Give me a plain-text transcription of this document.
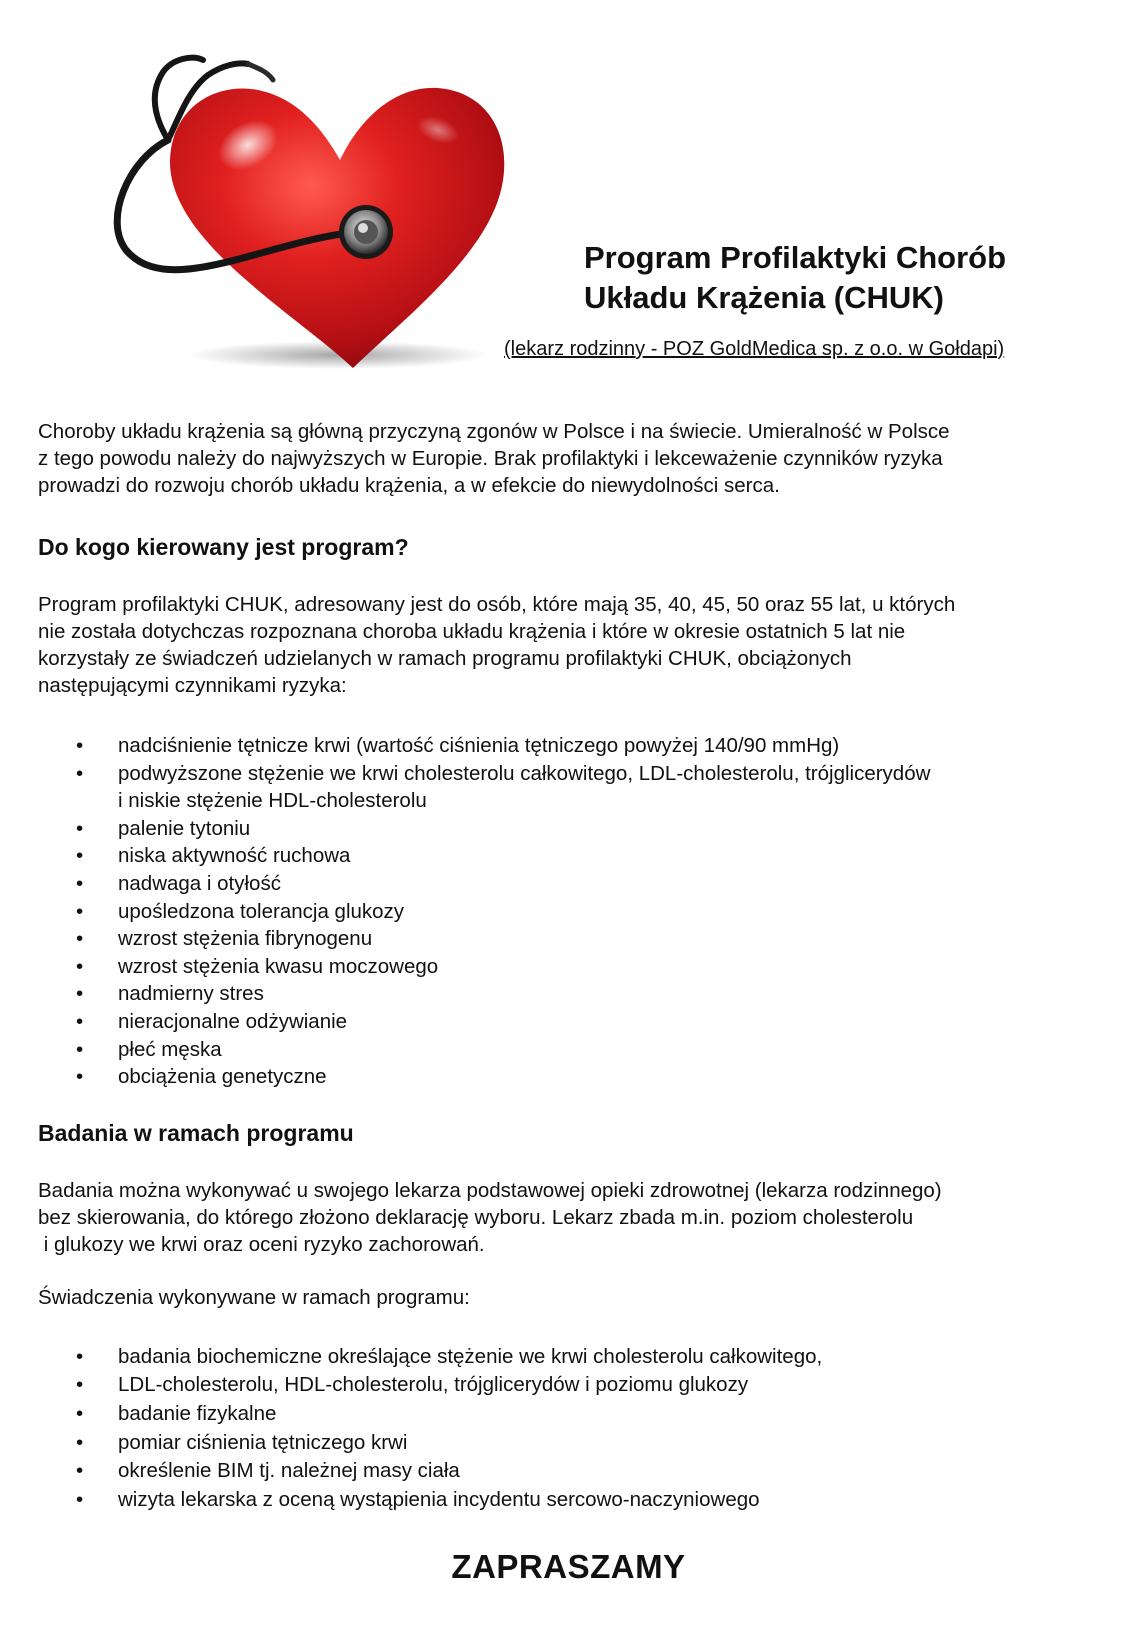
Program Profilaktyki Chorób
Układu Krążenia (CHUK)
(lekarz rodzinny - POZ GoldMedica sp. z o.o. w Gołdapi)

Choroby układu krążenia są główną przyczyną zgonów w Polsce i na świecie. Umieralność w Polsce
z tego powodu należy do najwyższych w Europie. Brak profilaktyki i lekceważenie czynników ryzyka
prowadzi do rozwoju chorób układu krążenia, a w efekcie do niewydolności serca.

Do kogo kierowany jest program?

Program profilaktyki CHUK, adresowany jest do osób, które mają 35, 40, 45, 50 oraz 55 lat, u których
nie została dotychczas rozpoznana choroba układu krążenia i które w okresie ostatnich 5 lat nie
korzystały ze świadczeń udzielanych w ramach programu profilaktyki CHUK, obciążonych
następującymi czynnikami ryzyka:

• nadciśnienie tętnicze krwi (wartość ciśnienia tętniczego powyżej 140/90 mmHg)
• podwyższone stężenie we krwi cholesterolu całkowitego, LDL-cholesterolu, trójglicerydów
i niskie stężenie HDL-cholesterolu
• palenie tytoniu
• niska aktywność ruchowa
• nadwaga i otyłość
• upośledzona tolerancja glukozy
• wzrost stężenia fibrynogenu
• wzrost stężenia kwasu moczowego
• nadmierny stres
• nieracjonalne odżywianie
• płeć męska
• obciążenia genetyczne
Badania w ramach programu

Badania można wykonywać u swojego lekarza podstawowej opieki zdrowotnej (lekarza rodzinnego)
bez skierowania, do którego złożono deklarację wyboru. Lekarz zbada m.in. poziom cholesterolu
i glukozy we krwi oraz oceni ryzyko zachorowań.

Świadczenia wykonywane w ramach programu:

• badania biochemiczne określające stężenie we krwi cholesterolu całkowitego,
• LDL-cholesterolu, HDL-cholesterolu, trójglicerydów i poziomu glukozy
• badanie fizykalne
• pomiar ciśnienia tętniczego krwi
• określenie BIM tj. należnej masy ciała
• wizyta lekarska z oceną wystąpienia incydentu sercowo-naczyniowego
ZAPRASZAMY
